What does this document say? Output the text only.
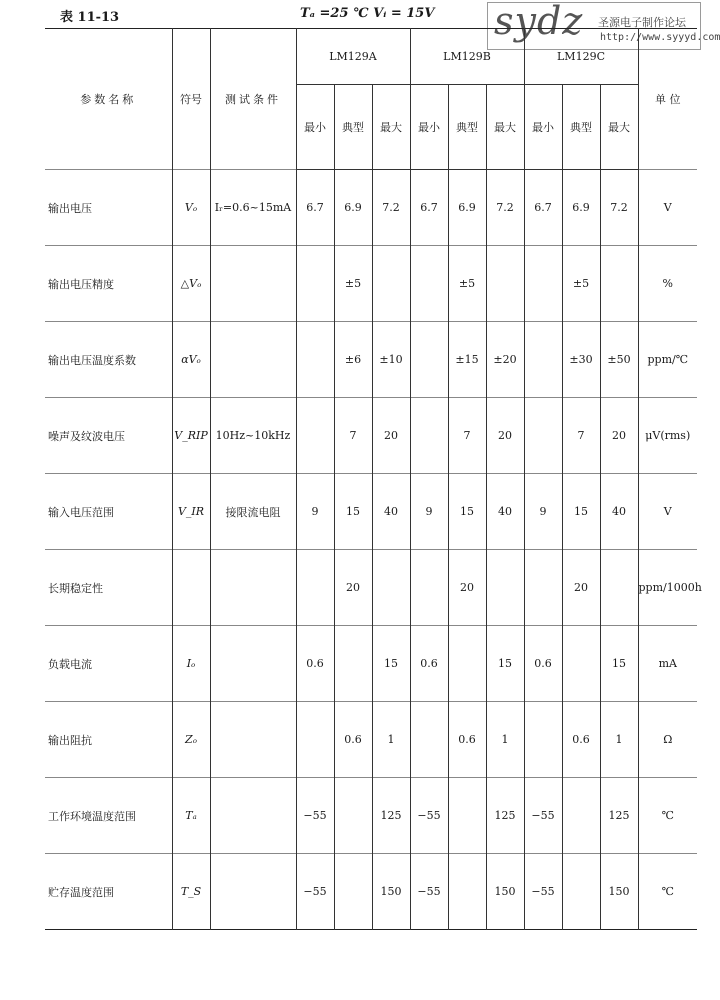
表 11-13	Tₐ =25 ℃ Vᵢ = 15V sydz 圣源电子制作论坛
http://www.syyyd.com
参数名称	符号	测试条件	LM129A			LM129B			LM129C			单 位
			最小	典型	最大	最小	典型	最大	最小	典型	最大	
输出电压	Vₒ	Iᵣ=0.6~15mA	6.7	6.9	7.2	6.7	6.9	7.2	6.7	6.9	7.2	V
输出电压精度	△Vₒ			±5			±5			±5		%
输出电压温度系数	αVₒ			±6	±10		±15	±20		±30	±50	ppm/℃
噪声及纹波电压	V_RIP	10Hz~10kHz		7	20		7	20		7	20	μV(rms)
输入电压范围	V_IR	接限流电阻	9	15	40	9	15	40	9	15	40	V
长期稳定性				20			20			20		ppm/1000h
负载电流	Iₒ		0.6		15	0.6		15	0.6		15	mA
输出阻抗	Zₒ			0.6	1		0.6	1		0.6	1	Ω
工作环境温度范围	Tₐ		−55		125	−55		125	−55		125	℃
贮存温度范围	T_S		−55		150	−55		150	−55		150	℃
